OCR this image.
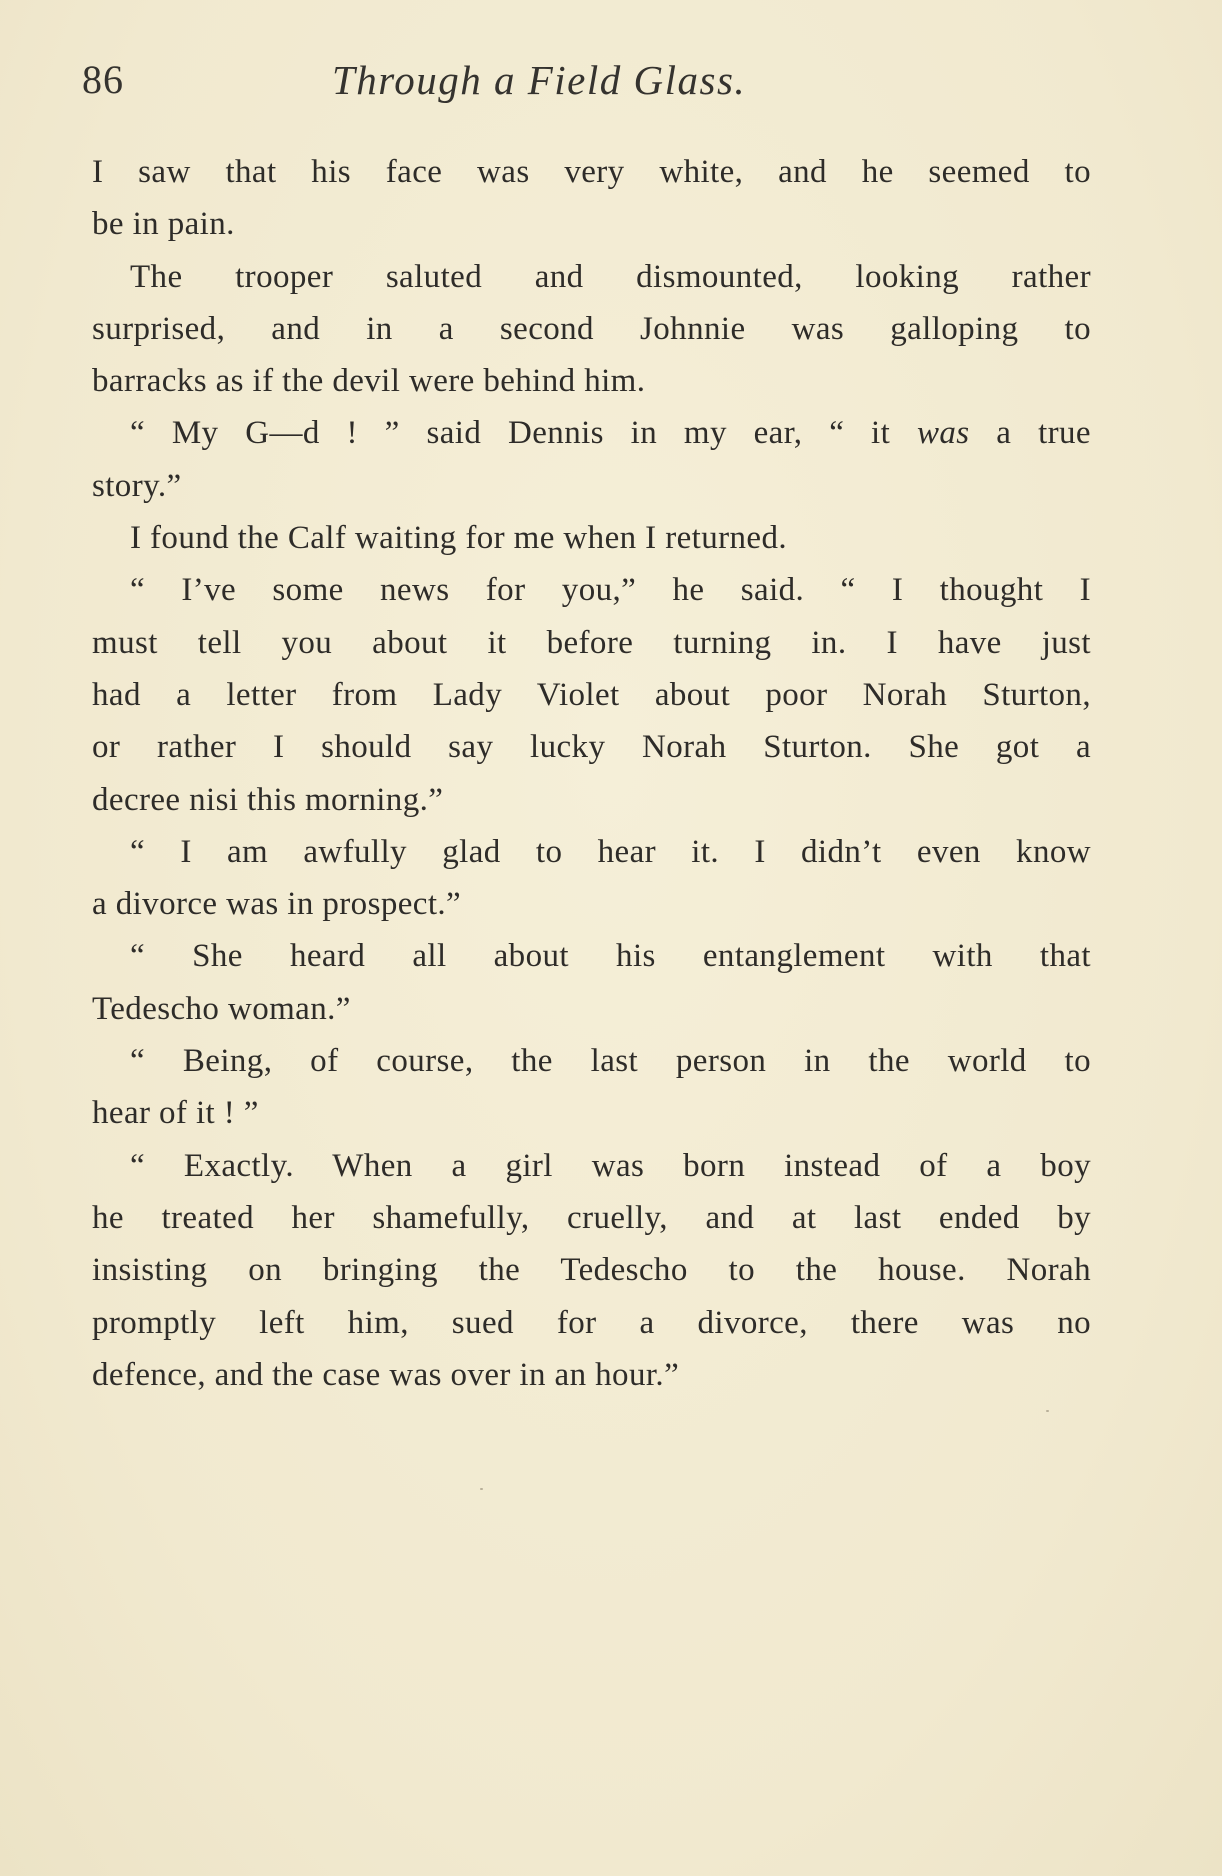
86	Through a Field Glass.
I saw that his face was very white, and he seemed to
be in pain.
The trooper saluted and dismounted, looking rather
surprised, and in a second Johnnie was galloping to
barracks as if the devil were behind him.
“ My G—d ! ” said Dennis in my ear, “ it was a true
story.”
I found the Calf waiting for me when I returned.
“ I’ve some news for you,” he said. “ I thought I
must tell you about it before turning in. I have just
had a letter from Lady Violet about poor Norah Sturton,
or rather I should say lucky Norah Sturton. She got a
decree nisi this morning.”
“ I am awfully glad to hear it. I didn’t even know
a divorce was in prospect.”
“ She heard all about his entanglement with that
Tedescho woman.”
“ Being, of course, the last person in the world to
hear of it ! ”
“ Exactly. When a girl was born instead of a boy
he treated her shamefully, cruelly, and at last ended by
insisting on bringing the Tedescho to the house. Norah
promptly left him, sued for a divorce, there was no
defence, and the case was over in an hour.”
